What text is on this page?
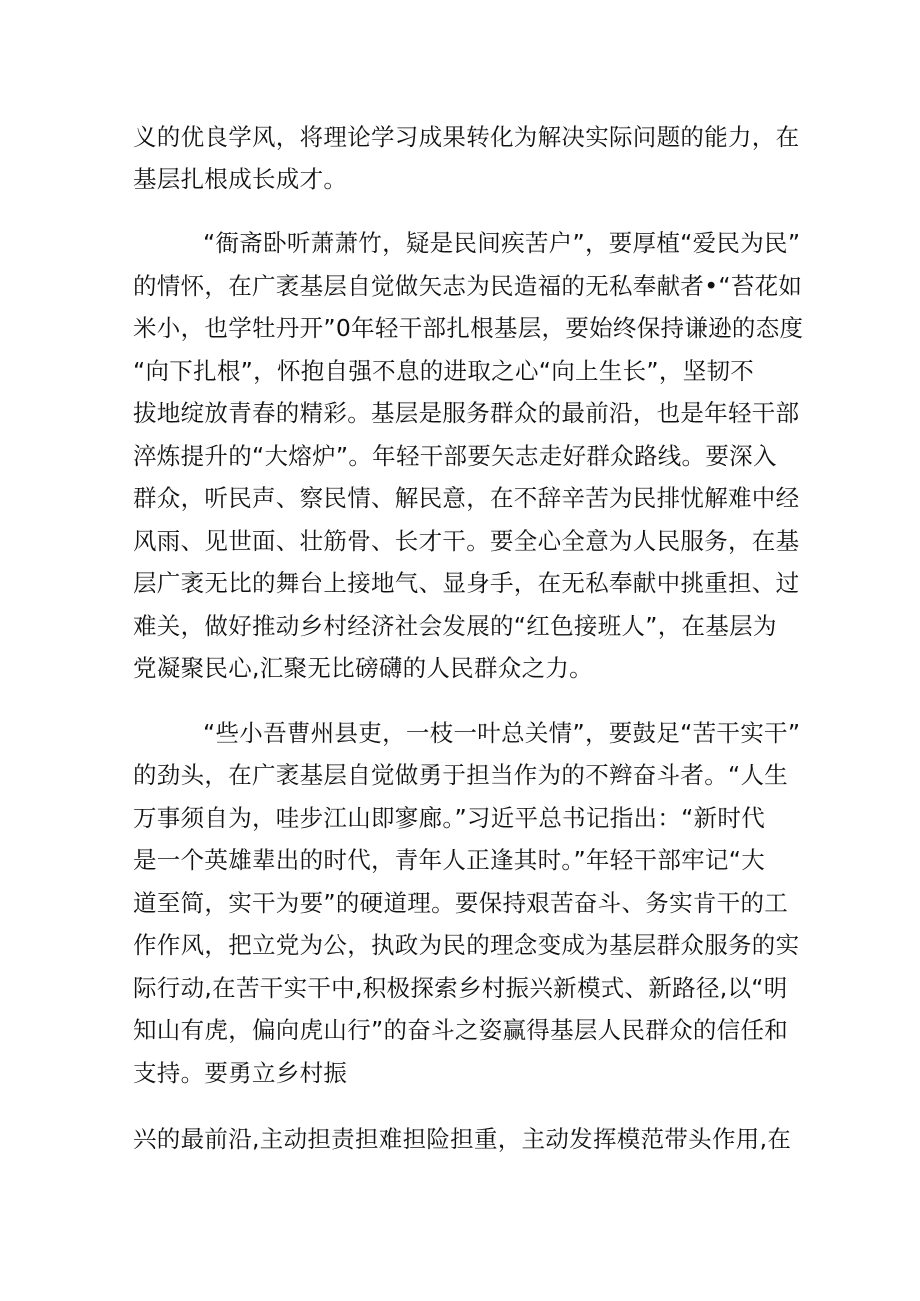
义的优良学风，将理论学习成果转化为解决实际问题的能力，在
基层扎根成长成才。
“衙斋卧听萧萧竹，疑是民间疾苦户”，要厚植“爱民为民”
的情怀，在广袤基层自觉做矢志为民造福的无私奉献者•“苔花如
米小，也学牡丹开”0年轻干部扎根基层，要始终保持谦逊的态度
“向下扎根”，怀抱自强不息的进取之心“向上生长”，坚韧不
拔地绽放青春的精彩。基层是服务群众的最前沿，也是年轻干部
淬炼提升的“大熔炉”。年轻干部要矢志走好群众路线。要深入
群众，听民声、察民情、解民意，在不辞辛苦为民排忧解难中经
风雨、见世面、壮筋骨、长才干。要全心全意为人民服务，在基
层广袤无比的舞台上接地气、显身手，在无私奉献中挑重担、过
难关，做好推动乡村经济社会发展的“红色接班人”，在基层为
党凝聚民心,汇聚无比磅礴的人民群众之力。
“些小吾曹州县吏，一枝一叶总关情”，要鼓足“苦干实干”
的劲头，在广袤基层自觉做勇于担当作为的不辫奋斗者。“人生
万事须自为，哇步江山即寥廊。”习近平总书记指出：“新时代
是一个英雄辈出的时代，青年人正逢其时。”年轻干部牢记“大
道至简，实干为要”的硬道理。要保持艰苦奋斗、务实肯干的工
作作风，把立党为公，执政为民的理念变成为基层群众服务的实
际行动,在苦干实干中,积极探索乡村振兴新模式、新路径,以“明
知山有虎，偏向虎山行”的奋斗之姿赢得基层人民群众的信任和
支持。要勇立乡村振
兴的最前沿,主动担责担难担险担重，主动发挥模范带头作用,在
